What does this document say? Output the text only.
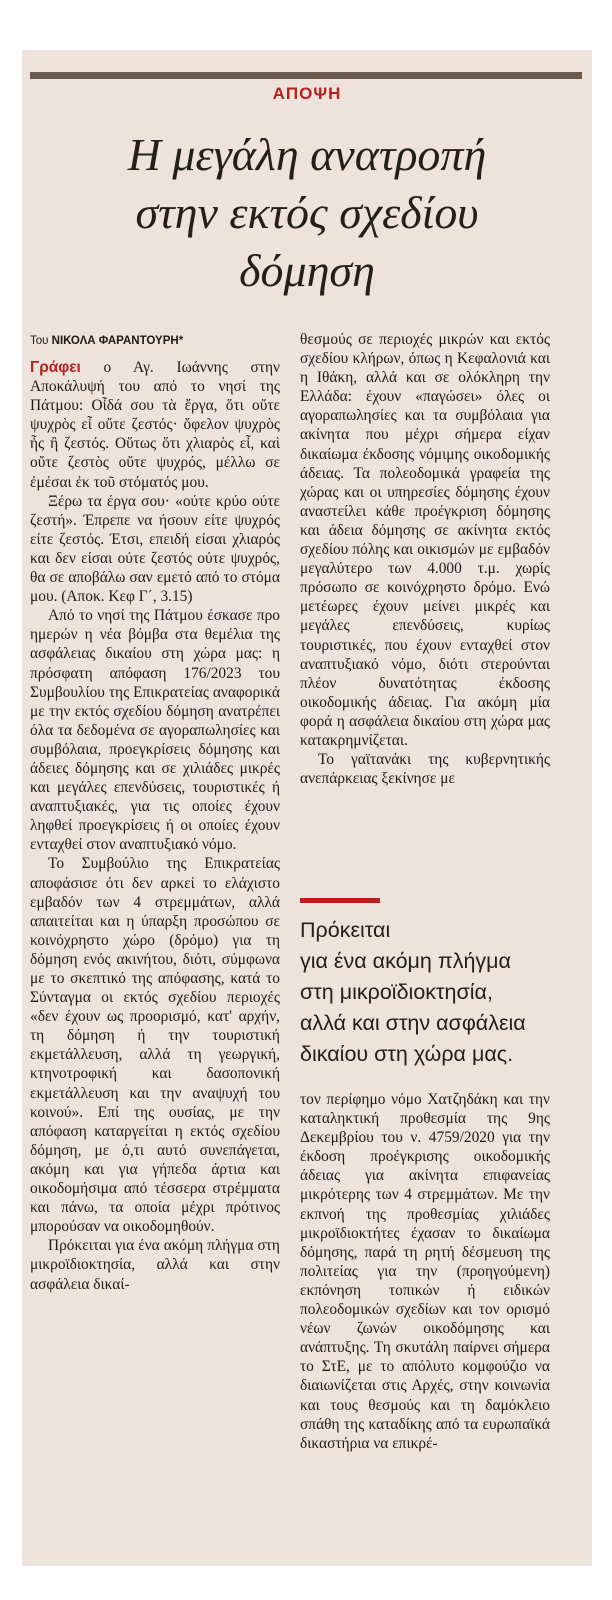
ΑΠΟΨΗ
Η μεγάλη ανατροπή
στην εκτός σχεδίου
δόμηση
Του ΝΙΚΟΛΑ ΦΑΡΑΝΤΟΥΡΗ*

Γράφει ο Αγ. Ιωάννης στην Αποκάλυψή του από το νησί της Πάτμου: Οἶδά σου τὰ ἔργα, ὅτι οὔτε ψυχρὸς εἶ οὔτε ζεστός· ὄφελον ψυχρὸς ἦς ἢ ζεστός. Οὕτως ὅτι χλιαρὸς εἶ, καὶ οὔτε ζεστὸς οὔτε ψυχρός, μέλλω σε ἐμέσαι ἐκ τοῦ στόματός μου.

Ξέρω τα έργα σου· «ούτε κρύο ούτε ζεστή». Έπρεπε να ήσουν είτε ψυχρός είτε ζεστός. Έτσι, επειδή είσαι χλιαρός και δεν είσαι ούτε ζεστός ούτε ψυχρός, θα σε αποβάλω σαν εμετό από το στόμα μου. (Αποκ. Κεφ Γ΄, 3.15)

Από το νησί της Πάτμου έσκασε προ ημερών η νέα βόμβα στα θεμέλια της ασφάλειας δικαίου στη χώρα μας: η πρόσφατη απόφαση 176/2023 του Συμβουλίου της Επικρατείας αναφορικά με την εκτός σχεδίου δόμηση ανατρέπει όλα τα δεδομένα σε αγοραπωλησίες και συμβόλαια, προεγκρίσεις δόμησης και άδειες δόμησης και σε χιλιάδες μικρές και μεγάλες επενδύσεις, τουριστικές ή αναπτυξιακές, για τις οποίες έχουν ληφθεί προεγκρίσεις ή οι οποίες έχουν ενταχθεί στον αναπτυξιακό νόμο.

Το Συμβούλιο της Επικρατείας αποφάσισε ότι δεν αρκεί το ελάχιστο εμβαδόν των 4 στρεμμάτων, αλλά απαιτείται και η ύπαρξη προσώπου σε κοινόχρηστο χώρο (δρόμο) για τη δόμηση ενός ακινήτου, διότι, σύμφωνα με το σκεπτικό της απόφασης, κατά το Σύνταγμα οι εκτός σχεδίου περιοχές «δεν έχουν ως προορισμό, κατ' αρχήν, τη δόμηση ή την τουριστική εκμετάλλευση, αλλά τη γεωργική, κτηνοτροφική και δασοπονική εκμετάλλευση και την αναψυχή του κοινού». Επί της ουσίας, με την απόφαση καταργείται η εκτός σχεδίου δόμηση, με ό,τι αυτό συνεπάγεται, ακόμη και για γήπεδα άρτια και οικοδομήσιμα από τέσσερα στρέμματα και πάνω, τα οποία μέχρι πρότινος μπορούσαν να οικοδομηθούν.

Πρόκειται για ένα ακόμη πλήγμα στη μικροϊδιοκτησία, αλλά και στην ασφάλεια δικαί-

θεσμούς σε περιοχές μικρών και εκτός σχεδίου κλήρων, όπως η Κεφαλονιά και η Ιθάκη, αλλά και σε ολόκληρη την Ελλάδα: έχουν «παγώσει» όλες οι αγοραπωλησίες και τα συμβόλαια για ακίνητα που μέχρι σήμερα είχαν δικαίωμα έκδοσης νόμιμης οικοδομικής άδειας. Τα πολεοδομικά γραφεία της χώρας και οι υπηρεσίες δόμησης έχουν αναστείλει κάθε προέγκριση δόμησης και άδεια δόμησης σε ακίνητα εκτός σχεδίου πόλης και οικισμών με εμβαδόν μεγαλύτερο των 4.000 τ.μ. χωρίς πρόσωπο σε κοινόχρηστο δρόμο. Ενώ μετέωρες έχουν μείνει μικρές και μεγάλες επενδύσεις, κυρίως τουριστικές, που έχουν ενταχθεί στον αναπτυξιακό νόμο, διότι στερούνται πλέον δυνατότητας έκδοσης οικοδομικής άδειας. Για ακόμη μία φορά η ασφάλεια δικαίου στη χώρα μας κατακρημνίζεται.

Το γαϊτανάκι της κυβερνητικής ανεπάρκειας ξεκίνησε με

Πρόκειται
για ένα ακόμη πλήγμα
στη μικροϊδιοκτησία,
αλλά και στην ασφάλεια
δικαίου στη χώρα μας.

τον περίφημο νόμο Χατζηδάκη και την καταληκτική προθεσμία της 9ης Δεκεμβρίου του ν. 4759/2020 για την έκδοση προέγκρισης οικοδομικής άδειας για ακίνητα επιφανείας μικρότερης των 4 στρεμμάτων. Με την εκπνοή της προθεσμίας χιλιάδες μικροϊδιοκτήτες έχασαν το δικαίωμα δόμησης, παρά τη ρητή δέσμευση της πολιτείας για την (προηγούμενη) εκπόνηση τοπικών ή ειδικών πολεοδομικών σχεδίων και τον ορισμό νέων ζωνών οικοδόμησης και ανάπτυξης. Τη σκυτάλη παίρνει σήμερα το ΣτΕ, με το απόλυτο κομφούζιο να διαιωνίζεται στις Αρχές, στην κοινωνία και τους θεσμούς και τη δαμόκλειο σπάθη της καταδίκης από τα ευρωπαϊκά δικαστήρια να επικρέ-
